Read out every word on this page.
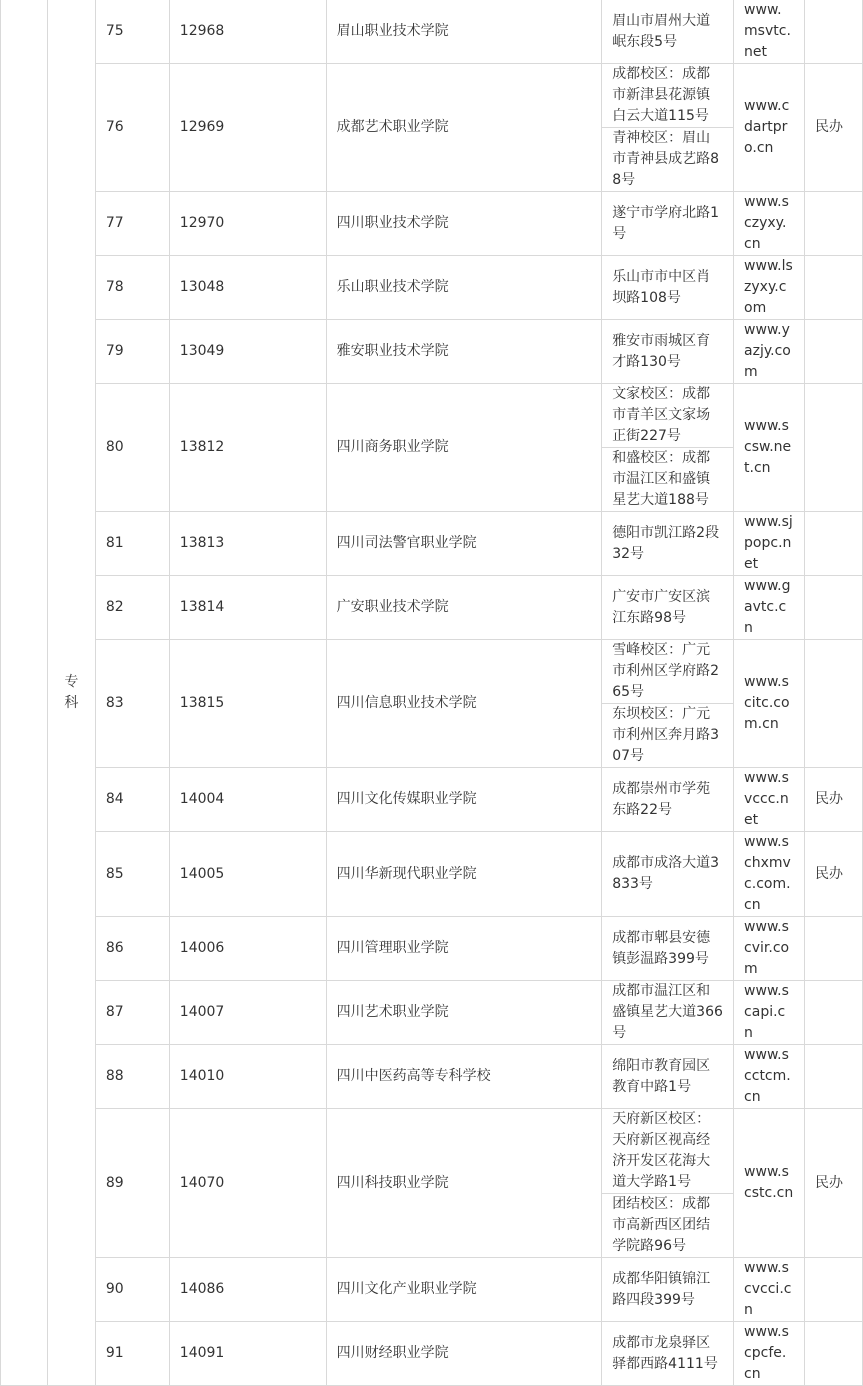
	专科	75	12968	眉山职业技术学院	眉山市眉州大道岷东段5号	www.msvtc.net	
		76	12969	成都艺术职业学院	成都校区：成都市新津县花源镇白云大道115号	www.cdartpro.cn	民办
					青神校区：眉山市青神县成艺路88号		
		77	12970	四川职业技术学院	遂宁市学府北路1号	www.sczyxy.cn	
		78	13048	乐山职业技术学院	乐山市市中区肖坝路108号	www.lszyxy.com	
		79	13049	雅安职业技术学院	雅安市雨城区育才路130号	www.yazjy.com	
		80	13812	四川商务职业学院	文家校区：成都市青羊区文家场正街227号	www.scsw.net.cn	
					和盛校区：成都市温江区和盛镇星艺大道188号		
		81	13813	四川司法警官职业学院	德阳市凯江路2段32号	www.sjpopc.net	
		82	13814	广安职业技术学院	广安市广安区滨江东路98号	www.gavtc.cn	
		83	13815	四川信息职业技术学院	雪峰校区：广元市利州区学府路265号	www.scitc.com.cn	
					东坝校区：广元市利州区奔月路307号		
		84	14004	四川文化传媒职业学院	成都崇州市学苑东路22号	www.svccc.net	民办
		85	14005	四川华新现代职业学院	成都市成洛大道3833号	www.schxmvc.com.cn	民办
		86	14006	四川管理职业学院	成都市郫县安德镇彭温路399号	www.scvir.com	
		87	14007	四川艺术职业学院	成都市温江区和盛镇星艺大道366号	www.scapi.cn	
		88	14010	四川中医药高等专科学校	绵阳市教育园区教育中路1号	www.scctcm.cn	
		89	14070	四川科技职业学院	天府新区校区：天府新区视高经济开发区花海大道大学路1号	www.scstc.cn	民办
					团结校区：成都市高新西区团结学院路96号		
		90	14086	四川文化产业职业学院	成都华阳镇锦江路四段399号	www.scvcci.cn	
		91	14091	四川财经职业学院	成都市龙泉驿区驿都西路4111号	www.scpcfe.cn	
